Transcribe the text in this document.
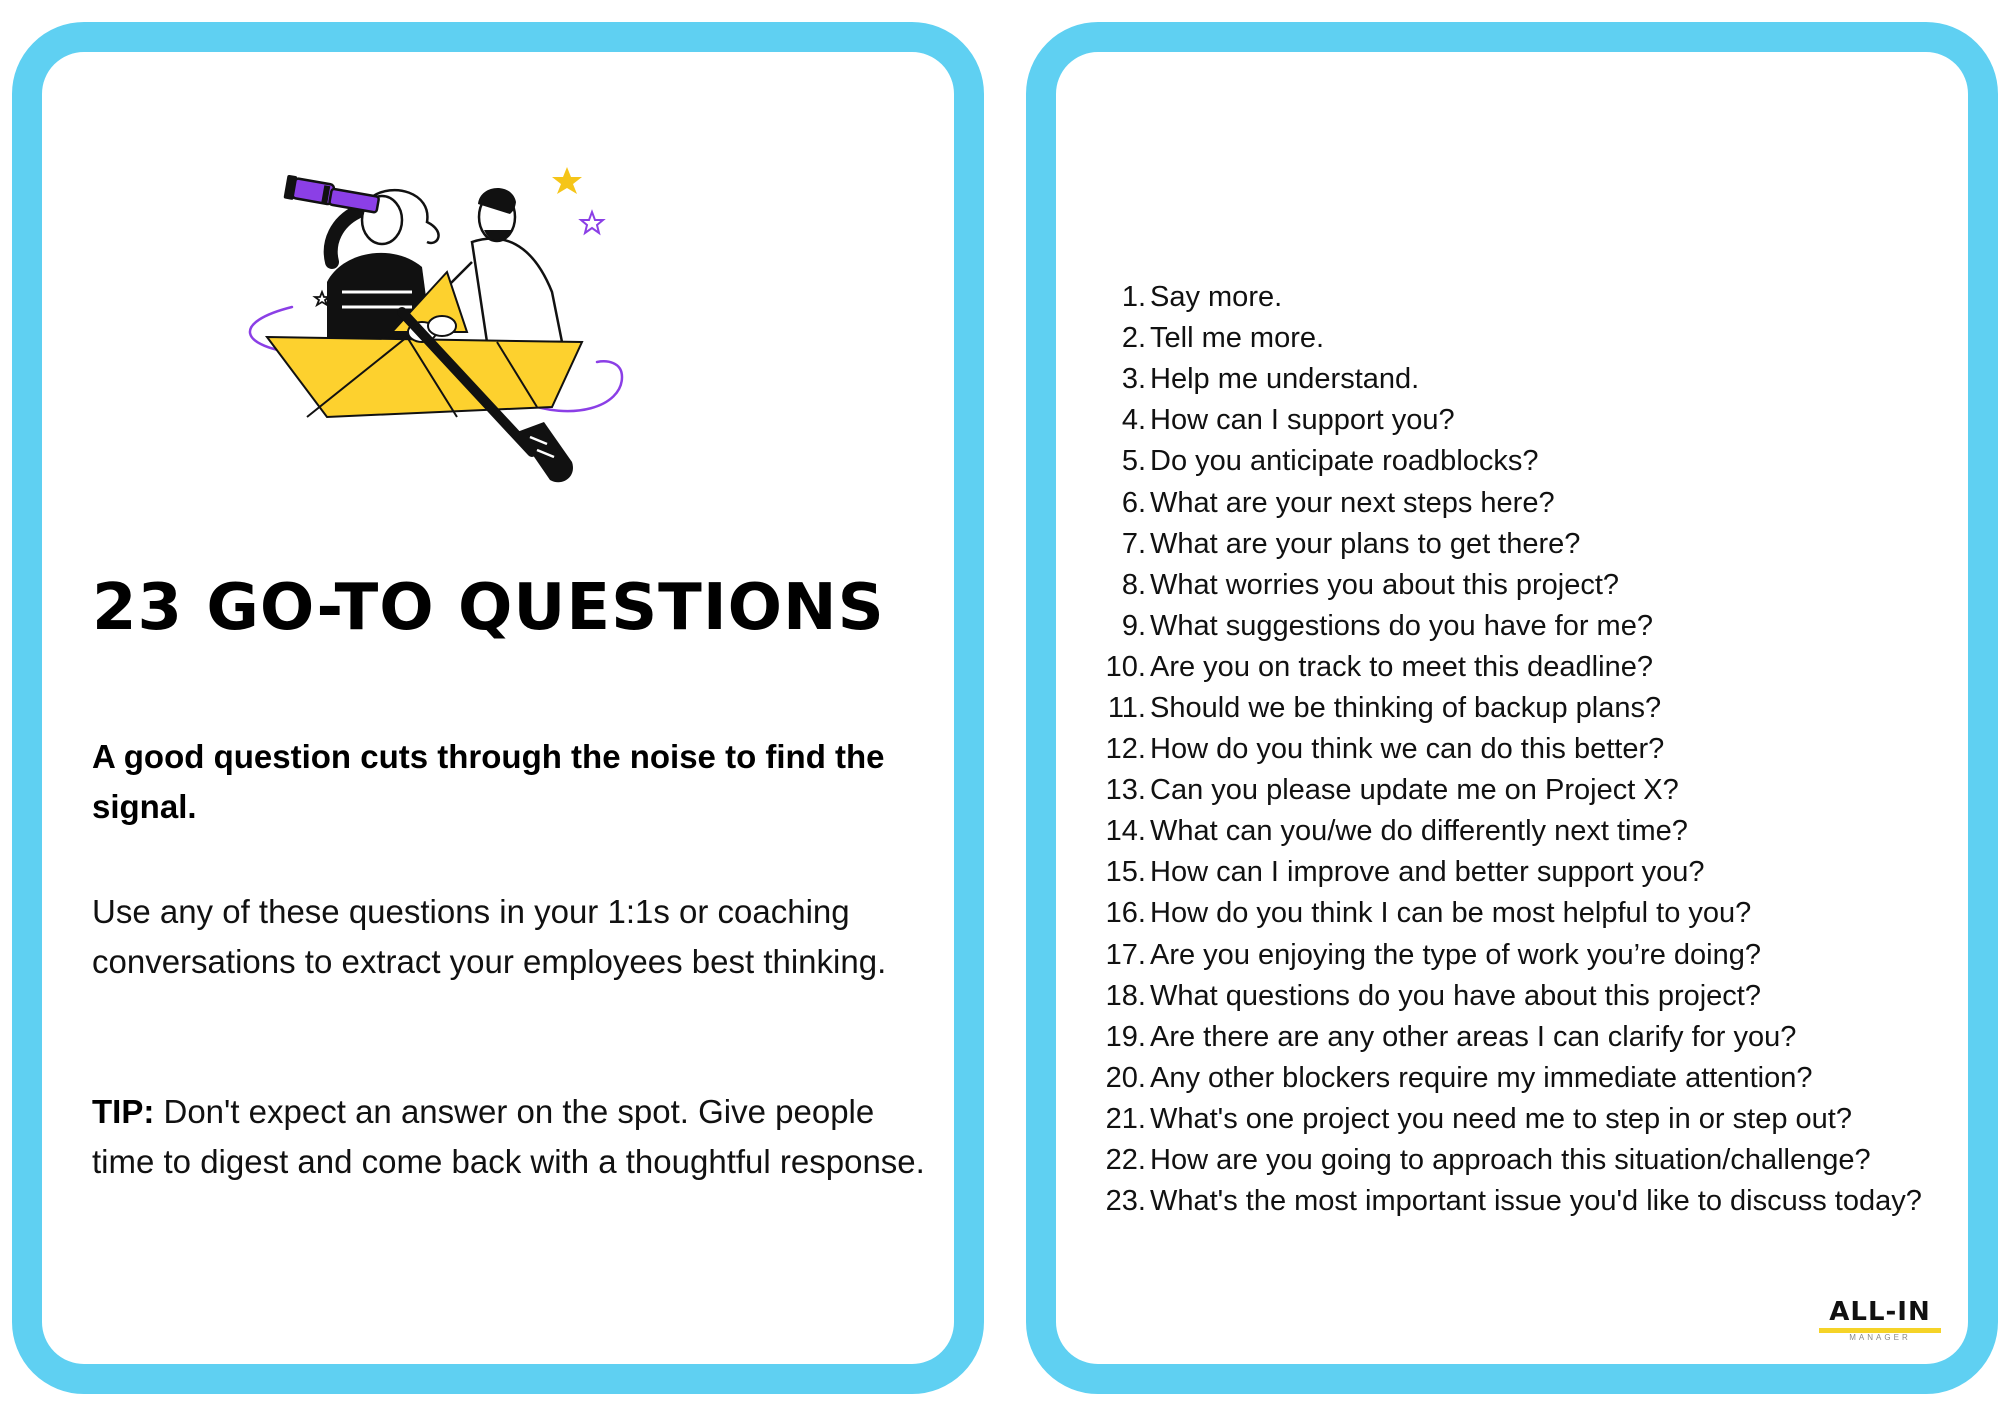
23 GO-TO QUESTIONS

A good question cuts through the noise to find the signal.

Use any of these questions in your 1:1s or coaching conversations to extract your employees best thinking.

TIP: Don't expect an answer on the spot. Give people time to digest and come back with a thoughtful response.

1. Say more.
2. Tell me more.
3. Help me understand.
4. How can I support you?
5. Do you anticipate roadblocks?
6. What are your next steps here?
7. What are your plans to get there?
8. What worries you about this project?
9. What suggestions do you have for me?
10. Are you on track to meet this deadline?
11. Should we be thinking of backup plans?
12. How do you think we can do this better?
13. Can you please update me on Project X?
14. What can you/we do differently next time?
15. How can I improve and better support you?
16. How do you think I can be most helpful to you?
17. Are you enjoying the type of work you’re doing?
18. What questions do you have about this project?
19. Are there are any other areas I can clarify for you?
20. Any other blockers require my immediate attention?
21. What's one project you need me to step in or step out?
22. How are you going to approach this situation/challenge?
23. What's the most important issue you'd like to discuss today?
ALL-IN
MANAGER
